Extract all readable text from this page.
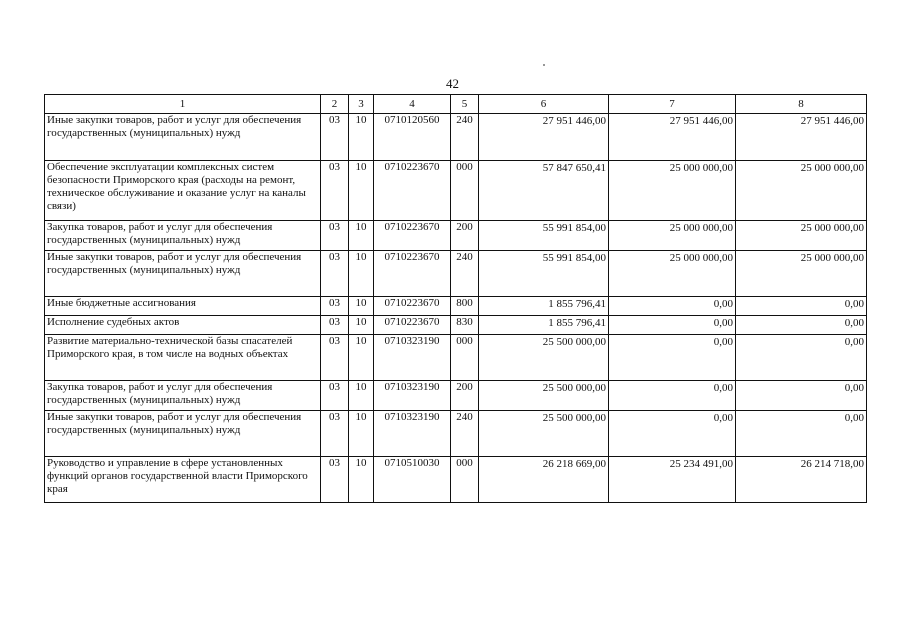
42
1	2	3	4	5	6	7	8
Иные закупки товаров, работ и услуг для обеспечения государственных (муниципальных) нужд	03	10	0710120560	240	27 951 446,00	27 951 446,00	27 951 446,00
Обеспечение эксплуатации комплексных систем безопасности Приморского края (расходы на ремонт, техническое обслуживание и оказание услуг на каналы связи)	03	10	0710223670	000	57 847 650,41	25 000 000,00	25 000 000,00
Закупка товаров, работ и услуг для обеспечения государственных (муниципальных) нужд	03	10	0710223670	200	55 991 854,00	25 000 000,00	25 000 000,00
Иные закупки товаров, работ и услуг для обеспечения государственных (муниципальных) нужд	03	10	0710223670	240	55 991 854,00	25 000 000,00	25 000 000,00
Иные бюджетные ассигнования	03	10	0710223670	800	1 855 796,41	0,00	0,00
Исполнение судебных актов	03	10	0710223670	830	1 855 796,41	0,00	0,00
Развитие материально-технической базы спасателей Приморского края, в том числе на водных объектах	03	10	0710323190	000	25 500 000,00	0,00	0,00
Закупка товаров, работ и услуг для обеспечения государственных (муниципальных) нужд	03	10	0710323190	200	25 500 000,00	0,00	0,00
Иные закупки товаров, работ и услуг для обеспечения государственных (муниципальных) нужд	03	10	0710323190	240	25 500 000,00	0,00	0,00
Руководство и управление в сфере установленных функций органов государственной власти Приморского края	03	10	0710510030	000	26 218 669,00	25 234 491,00	26 214 718,00
